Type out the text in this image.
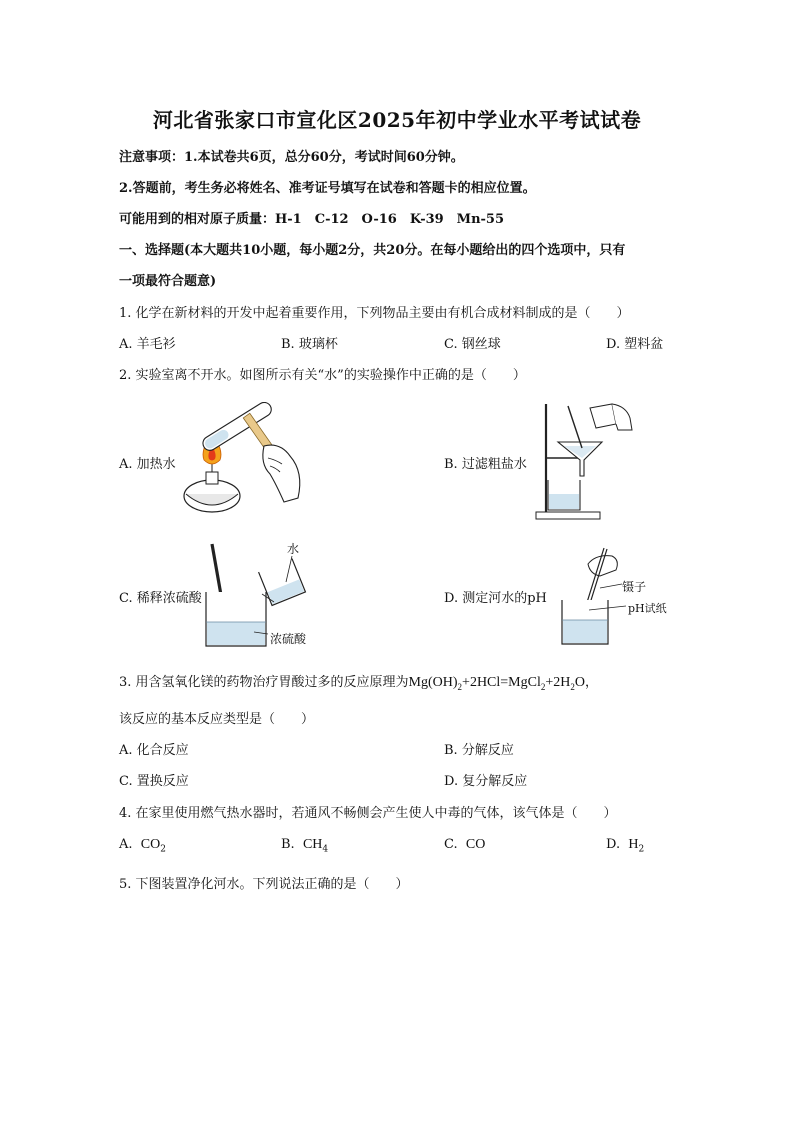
河北省张家口市宣化区2025年初中学业水平考试试卷
注意事项：1.本试卷共6页，总分60分，考试时间60分钟。
2.答题前，考生务必将姓名、准考证号填写在试卷和答题卡的相应位置。
可能用到的相对原子质量：H-1　C-12　O-16　K-39　Mn-55
一、选择题(本大题共10小题，每小题2分，共20分。在每小题给出的四个选项中，只有
一项最符合题意)
1. 化学在新材料的开发中起着重要作用，下列物品主要由有机合成材料制成的是（　　）
A. 羊毛衫	B. 玻璃杯	C. 钢丝球	D. 塑料盆
2. 实验室离不开水。如图所示有关“水”的实验操作中正确的是（　　）
A. 加热水	B. 过滤粗盐水
C. 稀释浓硫酸
水
浓硫酸
D. 测定河水的pH
镊子
pH试纸
3. 用含氢氧化镁的药物治疗胃酸过多的反应原理为$Mg(OH)_2+2HCl=MgCl_2+2H_2O$，
该反应的基本反应类型是（　　）
A. 化合反应	B. 分解反应
C. 置换反应	D. 复分解反应
4. 在家里使用燃气热水器时，若通风不畅侧会产生使人中毒的气体，该气体是（　　）
A. $CO_2$	B. $CH_4$	C. CO	D. $H_2$
5. 下图装置净化河水。下列说法正确的是（　　）
